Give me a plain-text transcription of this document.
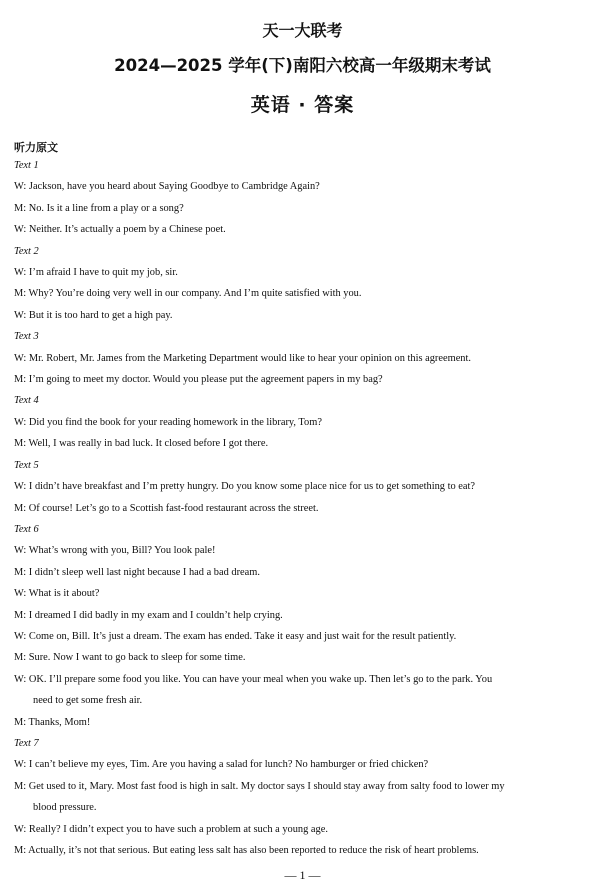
天一大联考
2024—2025 学年(下)南阳六校高一年级期末考试
英语 · 答案
听力原文
Text 1
W: Jackson, have you heard about Saying Goodbye to Cambridge Again?
M: No. Is it a line from a play or a song?
W: Neither. It’s actually a poem by a Chinese poet.
Text 2
W: I’m afraid I have to quit my job, sir.
M: Why? You’re doing very well in our company. And I’m quite satisfied with you.
W: But it is too hard to get a high pay.
Text 3
W: Mr. Robert, Mr. James from the Marketing Department would like to hear your opinion on this agreement.
M: I’m going to meet my doctor. Would you please put the agreement papers in my bag?
Text 4
W: Did you find the book for your reading homework in the library, Tom?
M: Well, I was really in bad luck. It closed before I got there.
Text 5
W: I didn’t have breakfast and I’m pretty hungry. Do you know some place nice for us to get something to eat?
M: Of course! Let’s go to a Scottish fast-food restaurant across the street.
Text 6
W: What’s wrong with you, Bill? You look pale!
M: I didn’t sleep well last night because I had a bad dream.
W: What is it about?
M: I dreamed I did badly in my exam and I couldn’t help crying.
W: Come on, Bill. It’s just a dream. The exam has ended. Take it easy and just wait for the result patiently.
M: Sure. Now I want to go back to sleep for some time.
W: OK. I’ll prepare some food you like. You can have your meal when you wake up. Then let’s go to the park. You
need to get some fresh air.
M: Thanks, Mom!
Text 7
W: I can’t believe my eyes, Tim. Are you having a salad for lunch? No hamburger or fried chicken?
M: Get used to it, Mary. Most fast food is high in salt. My doctor says I should stay away from salty food to lower my
blood pressure.
W: Really? I didn’t expect you to have such a problem at such a young age.
M: Actually, it’s not that serious. But eating less salt has also been reported to reduce the risk of heart problems.
— 1 —
